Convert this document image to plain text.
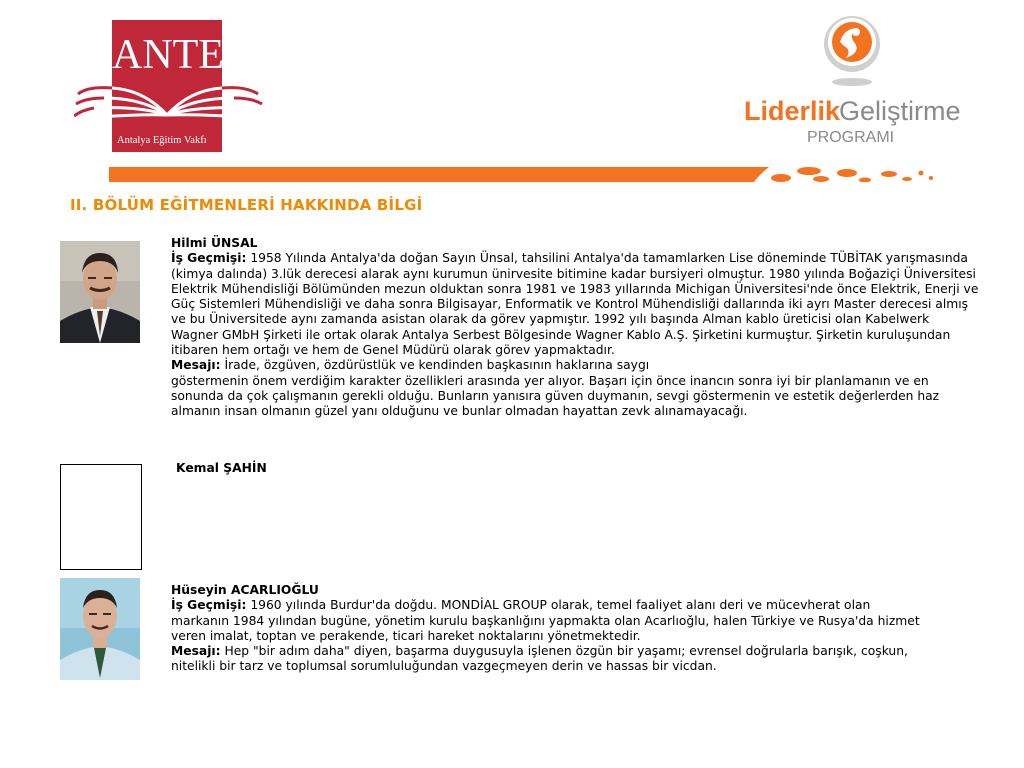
ANTEV
Antalya Eğitim Vakfı
Liderlik
Geliştirme
PROGRAMI
II. BÖLÜM EĞİTMENLERİ HAKKINDA BİLGİ
Hilmi ÜNSAL
İş Geçmişi: 1958 Yılında Antalya'da doğan Sayın Ünsal, tahsilini Antalya'da tamamlarken Lise döneminde TÜBİTAK yarışmasında (kimya dalında) 3.lük derecesi alarak aynı kurumun ünirvesite bitimine kadar bursiyeri olmuştur. 1980 yılında Boğaziçi Üniversitesi Elektrik Mühendisliği Bölümünden mezun olduktan sonra 1981 ve 1983 yıllarında Michigan Üniversitesi'nde önce Elektrik, Enerji ve Güç Sistemleri Mühendisliği ve daha sonra Bilgisayar, Enformatik ve Kontrol Mühendisliği dallarında iki ayrı Master derecesi almış ve bu Üniversitede aynı zamanda asistan olarak da görev yapmıştır. 1992 yılı başında Alman kablo üreticisi olan Kabelwerk Wagner GMbH Şirketi ile ortak olarak Antalya Serbest Bölgesinde Wagner Kablo A.Ş. Şirketini kurmuştur. Şirketin kuruluşundan itibaren hem ortağı ve hem de Genel Müdürü olarak görev yapmaktadır.
Mesajı: İrade, özgüven, özdürüstlük ve kendinden başkasının haklarına saygı
göstermenin önem verdiğim karakter özellikleri arasında yer alıyor. Başarı için önce inancın sonra iyi bir planlamanın ve en sonunda da çok çalışmanın gerekli olduğu. Bunların yanısıra güven duymanın, sevgi göstermenin ve estetik değerlerden haz almanın insan olmanın güzel yanı olduğunu ve bunlar olmadan hayattan zevk alınamayacağı.
Kemal ŞAHİN
Hüseyin ACARLIOĞLU
İş Geçmişi: 1960 yılında Burdur'da doğdu. MONDİAL GROUP olarak, temel faaliyet alanı deri ve mücevherat olan markanın 1984 yılından bugüne, yönetim kurulu başkanlığını yapmakta olan Acarlıoğlu, halen Türkiye ve Rusya'da hizmet veren imalat, toptan ve perakende, ticari hareket noktalarını yönetmektedir.
Mesajı: Hep "bir adım daha" diyen, başarma duygusuyla işlenen özgün bir yaşamı; evrensel doğrularla barışık, coşkun, nitelikli bir tarz ve toplumsal sorumluluğundan vazgeçmeyen derin ve hassas bir vicdan.
